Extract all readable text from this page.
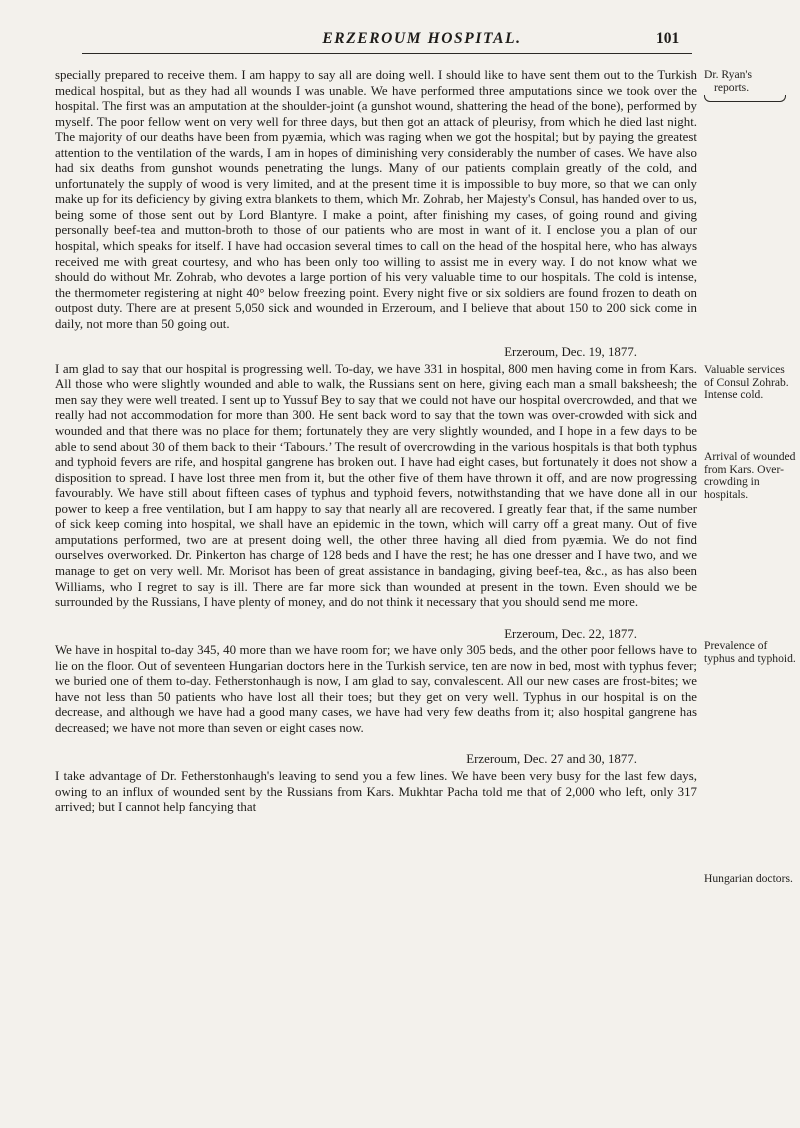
ERZEROUM HOSPITAL.	101

specially prepared to receive them. I am happy to say all are doing well. I should like to have sent them out to the Turkish medical hospital, but as they had all wounds I was unable. We have performed three amputations since we took over the hospital. The first was an amputation at the shoulder-joint (a gunshot wound, shattering the head of the bone), performed by myself. The poor fellow went on very well for three days, but then got an attack of pleurisy, from which he died last night. The majority of our deaths have been from pyæmia, which was raging when we got the hospital; but by paying the greatest attention to the ventilation of the wards, I am in hopes of diminishing very considerably the number of cases. We have also had six deaths from gunshot wounds penetrating the lungs. Many of our patients complain greatly of the cold, and unfortunately the supply of wood is very limited, and at the present time it is impossible to buy more, so that we can only make up for its deficiency by giving extra blankets to them, which Mr. Zohrab, her Majesty's Consul, has handed over to us, being some of those sent out by Lord Blantyre. I make a point, after finishing my cases, of going round and giving personally beef-tea and mutton-broth to those of our patients who are most in want of it. I enclose you a plan of our hospital, which speaks for itself. I have had occasion several times to call on the head of the hospital here, who has always received me with great courtesy, and who has been only too willing to assist me in every way. I do not know what we should do without Mr. Zohrab, who devotes a large portion of his very valuable time to our hospitals. The cold is intense, the thermometer registering at night 40° below freezing point. Every night five or six soldiers are found frozen to death on outpost duty. There are at present 5,050 sick and wounded in Erzeroum, and I believe that about 150 to 200 sick come in daily, not more than 50 going out.

Erzeroum, Dec. 19, 1877.

I am glad to say that our hospital is progressing well. To-day, we have 331 in hospital, 800 men having come in from Kars. All those who were slightly wounded and able to walk, the Russians sent on here, giving each man a small baksheesh; the men say they were well treated. I sent up to Yussuf Bey to say that we could not have our hospital overcrowded, and that we really had not accommodation for more than 300. He sent back word to say that the town was over-crowded with sick and wounded and that there was no place for them; fortunately they are very slightly wounded, and I hope in a few days to be able to send about 30 of them back to their ‘Tabours.’ The result of overcrowding in the various hospitals is that both typhus and typhoid fevers are rife, and hospital gangrene has broken out. I have had eight cases, but fortunately it does not show a disposition to spread. I have lost three men from it, but the other five of them have thrown it off, and are now progressing favourably. We have still about fifteen cases of typhus and typhoid fevers, notwithstanding that we have done all in our power to keep a free ventilation, but I am happy to say that nearly all are recovered. I greatly fear that, if the same number of sick keep coming into hospital, we shall have an epidemic in the town, which will carry off a great many. Out of five amputations performed, two are at present doing well, the other three having all died from pyæmia. We do not find ourselves overworked. Dr. Pinkerton has charge of 128 beds and I have the rest; he has one dresser and I have two, and we manage to get on very well. Mr. Morisot has been of great assistance in bandaging, giving beef-tea, &c., as has also been Williams, who I regret to say is ill. There are far more sick than wounded at present in the town. Even should we be surrounded by the Russians, I have plenty of money, and do not think it necessary that you should send me more.

Erzeroum, Dec. 22, 1877.

We have in hospital to-day 345, 40 more than we have room for; we have only 305 beds, and the other poor fellows have to lie on the floor. Out of seventeen Hungarian doctors here in the Turkish service, ten are now in bed, most with typhus fever; we buried one of them to-day. Fetherstonhaugh is now, I am glad to say, convalescent. All our new cases are frost-bites; we have not less than 50 patients who have lost all their toes; but they get on very well. Typhus in our hospital is on the decrease, and although we have had a good many cases, we have had very few deaths from it; also hospital gangrene has decreased; we have not more than seven or eight cases now.

Erzeroum, Dec. 27 and 30, 1877.

I take advantage of Dr. Fetherstonhaugh's leaving to send you a few lines. We have been very busy for the last few days, owing to an influx of wounded sent by the Russians from Kars. Mukhtar Pacha told me that of 2,000 who left, only 317 arrived; but I cannot help fancying that

Dr. Ryan's
reports.
Valuable services of Consul Zohrab. Intense cold.
Arrival of wounded from Kars. Over-crowding in hospitals.
Prevalence of typhus and typhoid.
Hungarian doctors.
